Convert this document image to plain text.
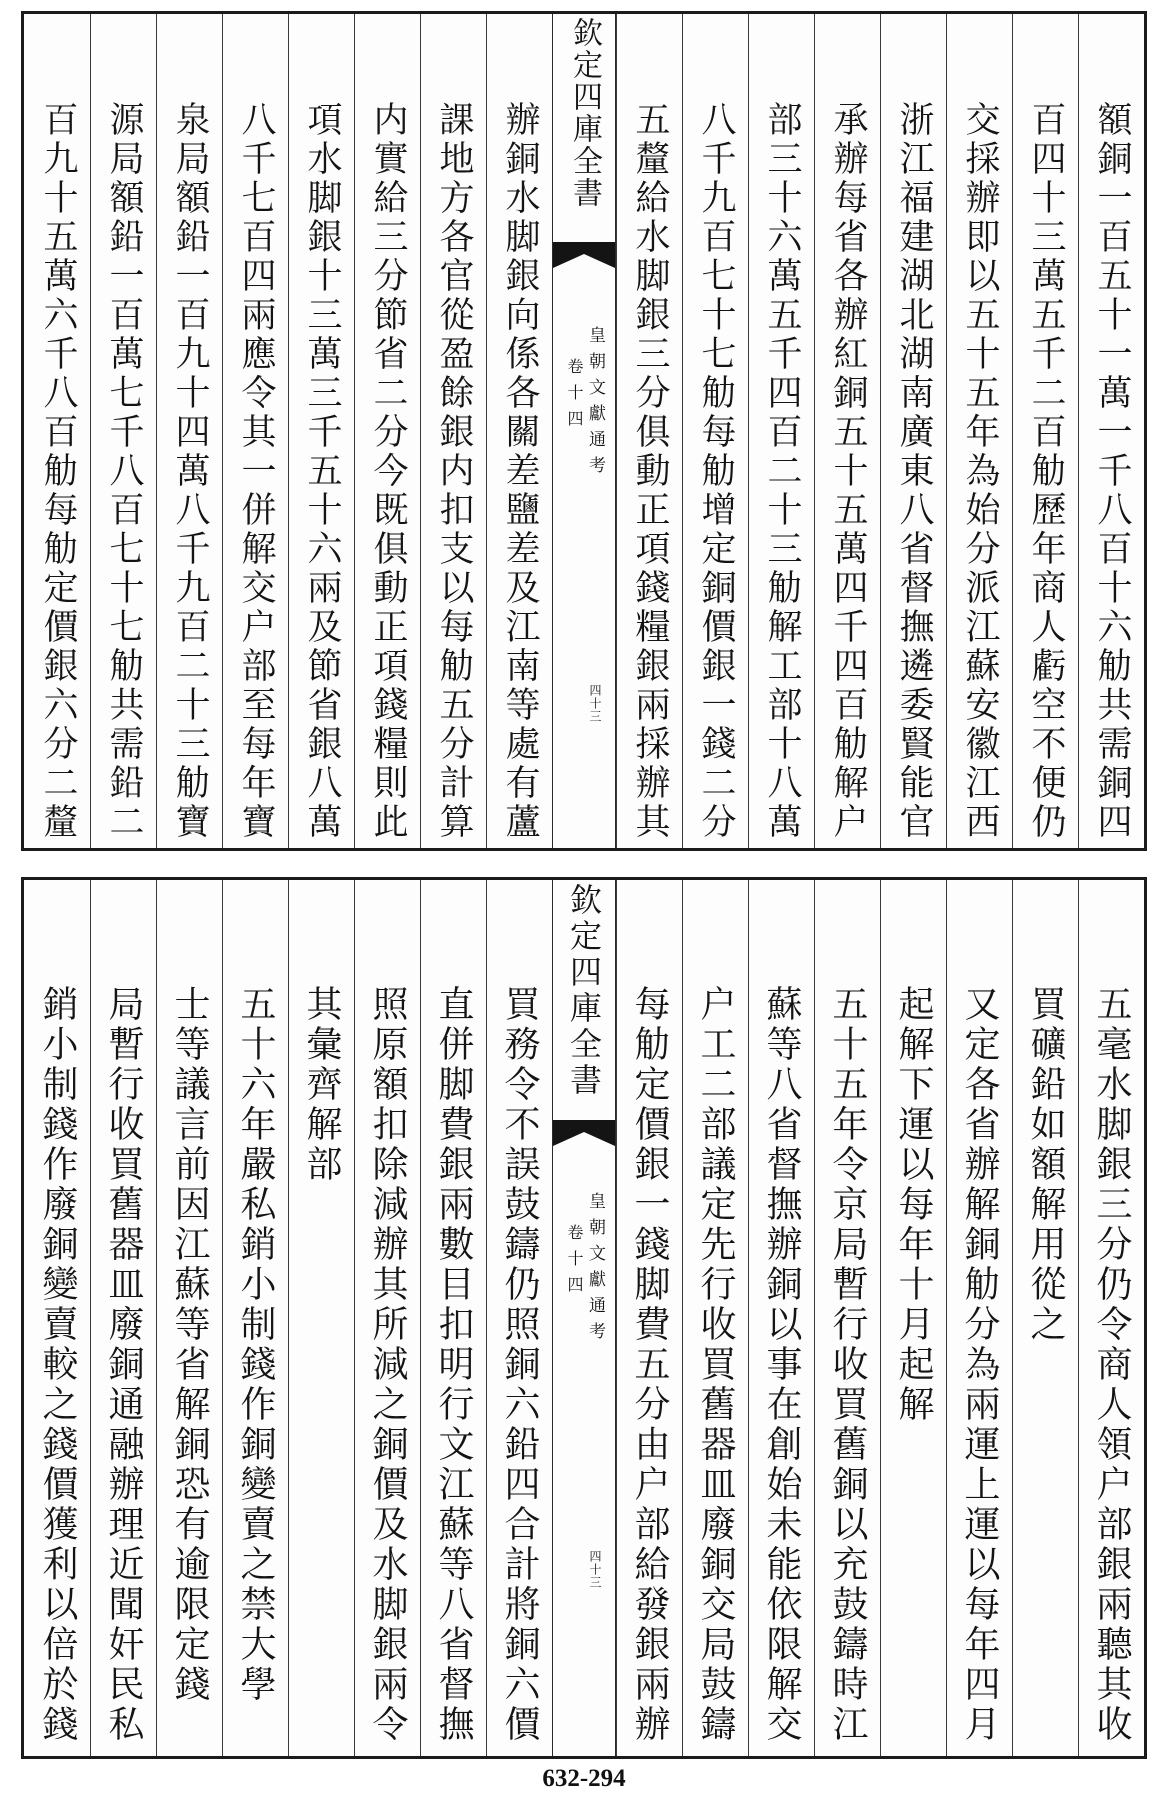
額銅一百五十一萬一千八百十六觔共需銅四
百四十三萬五千二百觔歷年商人虧空不便仍
交採辦即以五十五年為始分派江蘇安徽江西
浙江福建湖北湖南廣東八省督撫遴委賢能官
承辦每省各辦紅銅五十五萬四千四百觔解户
部三十六萬五千四百二十三觔解工部十八萬
八千九百七十七觔每觔增定銅價銀一錢二分
五釐給水脚銀三分俱動正項錢糧銀兩採辦其
欽定四庫全書
皇朝文獻通考
卷十四
四十三
辦銅水脚銀向係各關差鹽差及江南等處有蘆
課地方各官從盈餘銀内扣支以每觔五分計算
内實給三分節省二分今既俱動正項錢糧則此
項水脚銀十三萬三千五十六兩及節省銀八萬
八千七百四兩應令其一併解交户部至每年寶
泉局額鉛一百九十四萬八千九百二十三觔寶
源局額鉛一百萬七千八百七十七觔共需鉛二
百九十五萬六千八百觔每觔定價銀六分二釐
五毫水脚銀三分仍令商人領户部銀兩聽其收
買礦鉛如額解用從之
又定各省辦解銅觔分為兩運上運以每年四月
起解下運以每年十月起解
五十五年令京局暫行收買舊銅以充鼓鑄時江
蘇等八省督撫辦銅以事在創始未能依限解交
户工二部議定先行收買舊器皿廢銅交局鼓鑄
每觔定價銀一錢脚費五分由户部給發銀兩辦
欽定四庫全書
皇朝文獻通考
卷十四
四十三
買務令不誤鼓鑄仍照銅六鉛四合計將銅六價
直併脚費銀兩數目扣明行文江蘇等八省督撫
照原額扣除減辦其所減之銅價及水脚銀兩令
其彙齊解部
五十六年嚴私銷小制錢作銅變賣之禁大學
士等議言前因江蘇等省解銅恐有逾限定錢
局暫行收買舊器皿廢銅通融辦理近聞奸民私
銷小制錢作廢銅變賣較之錢價獲利以倍於錢
632-294
